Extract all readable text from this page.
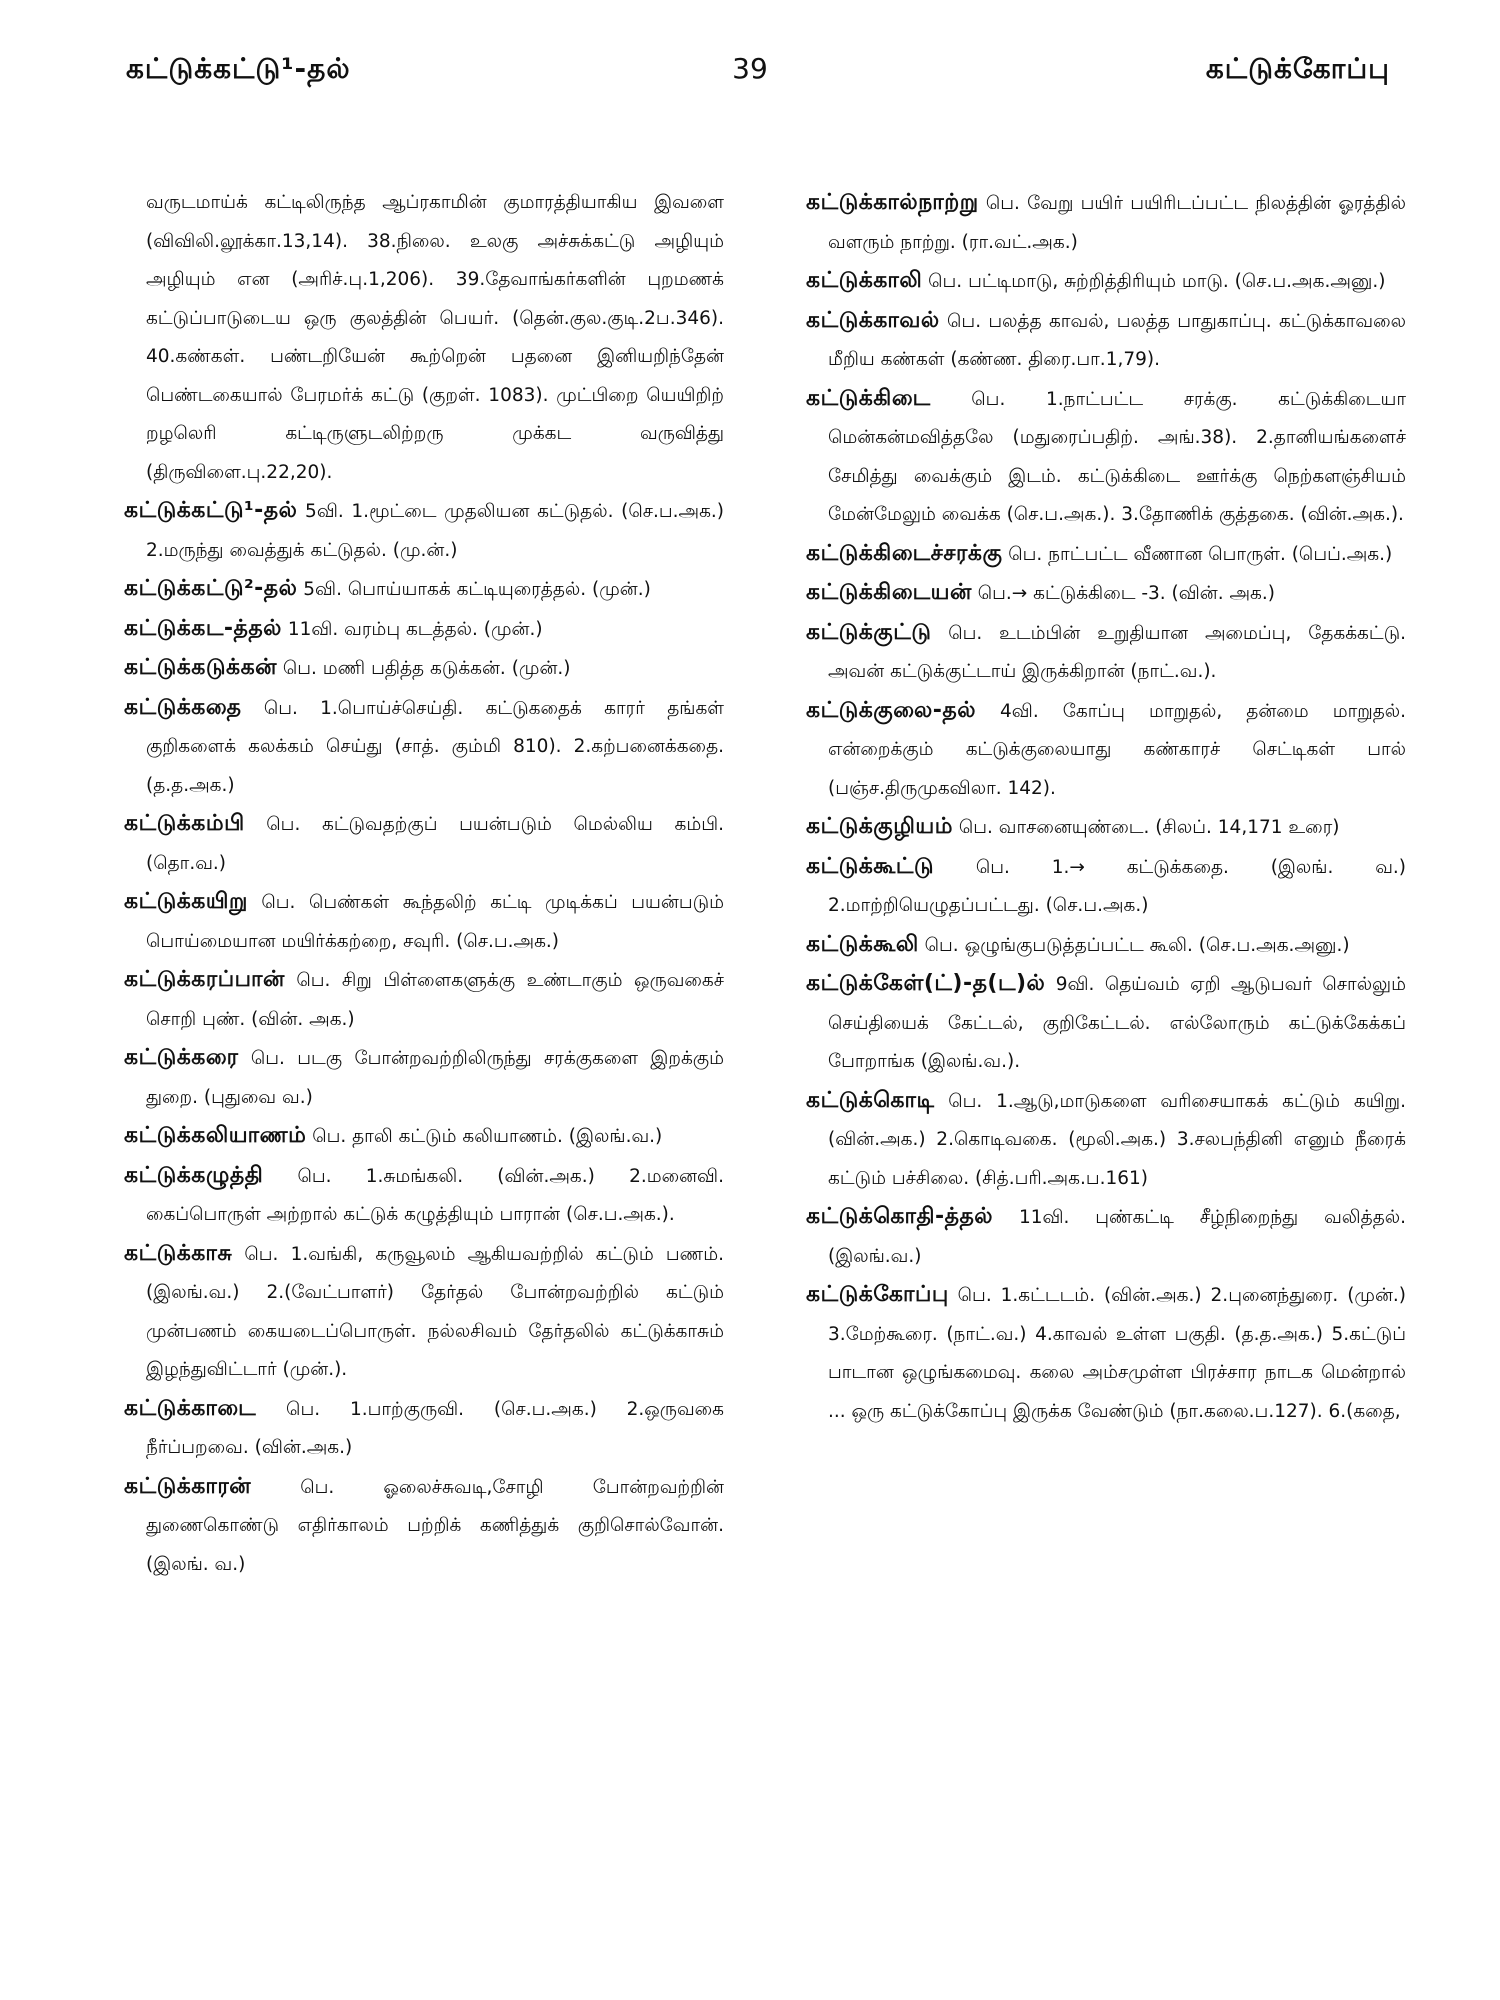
கட்டுக்கட்டு¹-தல்	39	கட்டுக்கோப்பு

வருடமாய்க் கட்டிலிருந்த ஆப்ரகாமின் குமாரத்தியாகிய இவளை (விவிலி.லூக்கா.13,14). 38.நிலை. உலகு அச்சுக்கட்டு அழியும் அழியும் என (அரிச்.பு.1,206). 39.தேவாங்கர்களின் புறமணக் கட்டுப்பாடுடைய ஒரு குலத்தின் பெயர். (தென்.குல.குடி.2ப.346). 40.கண்கள். பண்டறியேன் கூற்றென் பதனை இனியறிந்தேன் பெண்டகையால் பேரமர்க் கட்டு (குறள். 1083). முட்பிறை யெயிறிற் றழலெரி கட்டிருளுடலிற்றரு முக்கட வருவித்து (திருவிளை.பு.22,20).

கட்டுக்கட்டு¹-தல் 5வி. 1.மூட்டை முதலியன கட்டுதல். (செ.ப.அக.) 2.மருந்து வைத்துக் கட்டுதல். (மு.ன்.)

கட்டுக்கட்டு²-தல் 5வி. பொய்யாகக் கட்டியுரைத்தல். (முன்.)

கட்டுக்கட-த்தல் 11வி. வரம்பு கடத்தல். (முன்.)

கட்டுக்கடுக்கன் பெ. மணி பதித்த கடுக்கன். (முன்.)

கட்டுக்கதை பெ. 1.பொய்ச்செய்தி. கட்டுகதைக் காரர் தங்கள் குறிகளைக் கலக்கம் செய்து (சாத். கும்மி 810). 2.கற்பனைக்கதை. (த.த.அக.)

கட்டுக்கம்பி பெ. கட்டுவதற்குப் பயன்படும் மெல்லிய கம்பி. (தொ.வ.)

கட்டுக்கயிறு பெ. பெண்கள் கூந்தலிற் கட்டி முடிக்கப் பயன்படும் பொய்மையான மயிர்க்கற்றை, சவுரி. (செ.ப.அக.)

கட்டுக்கரப்பான் பெ. சிறு பிள்ளைகளுக்கு உண்டாகும் ஒருவகைச் சொறி புண். (வின். அக.)

கட்டுக்கரை பெ. படகு போன்றவற்றிலிருந்து சரக்குகளை இறக்கும் துறை. (புதுவை வ.)

கட்டுக்கலியாணம் பெ. தாலி கட்டும் கலியாணம். (இலங்.வ.)

கட்டுக்கழுத்தி பெ. 1.சுமங்கலி. (வின்.அக.) 2.மனைவி. கைப்பொருள் அற்றால் கட்டுக் கழுத்தியும் பாரான் (செ.ப.அக.).

கட்டுக்காசு பெ. 1.வங்கி, கருவூலம் ஆகியவற்றில் கட்டும் பணம். (இலங்.வ.) 2.(வேட்பாளர்) தேர்தல் போன்றவற்றில் கட்டும் முன்பணம் கையடைப்பொருள். நல்லசிவம் தேர்தலில் கட்டுக்காசும் இழந்துவிட்டார் (முன்.).

கட்டுக்காடை பெ. 1.பாற்குருவி. (செ.ப.அக.) 2.ஒருவகை நீர்ப்பறவை. (வின்.அக.)

கட்டுக்காரன் பெ. ஓலைச்சுவடி,சோழி போன்றவற்றின் துணைகொண்டு எதிர்காலம் பற்றிக் கணித்துக் குறிசொல்வோன். (இலங். வ.)

கட்டுக்கால்நாற்று பெ. வேறு பயிர் பயிரிடப்பட்ட நிலத்தின் ஓரத்தில் வளரும் நாற்று. (ரா.வட்.அக.)

கட்டுக்காலி பெ. பட்டிமாடு, சுற்றித்திரியும் மாடு. (செ.ப.அக.அனு.)

கட்டுக்காவல் பெ. பலத்த காவல், பலத்த பாதுகாப்பு. கட்டுக்காவலை மீறிய கண்கள் (கண்ண. திரை.பா.1,79).

கட்டுக்கிடை பெ. 1.நாட்பட்ட சரக்கு. கட்டுக்கிடையா மென்கன்மவித்தலே (மதுரைப்பதிற். அங்.38). 2.தானியங்களைச் சேமித்து வைக்கும் இடம். கட்டுக்கிடை ஊர்க்கு நெற்களஞ்சியம் மேன்மேலும் வைக்க (செ.ப.அக.). 3.தோணிக் குத்தகை. (வின்.அக.).

கட்டுக்கிடைச்சரக்கு பெ. நாட்பட்ட வீணான பொருள். (பெப்.அக.)

கட்டுக்கிடையன் பெ.→ கட்டுக்கிடை -3. (வின். அக.)

கட்டுக்குட்டு பெ. உடம்பின் உறுதியான அமைப்பு, தேகக்கட்டு. அவன் கட்டுக்குட்டாய் இருக்கிறான் (நாட்.வ.).

கட்டுக்குலை-தல் 4வி. கோப்பு மாறுதல், தன்மை மாறுதல். என்றைக்கும் கட்டுக்குலையாது கண்காரச் செட்டிகள் பால் (பஞ்ச.திருமுகவிலா. 142).

கட்டுக்குழியம் பெ. வாசனையுண்டை. (சிலப். 14,171 உரை)

கட்டுக்கூட்டு பெ. 1.→ கட்டுக்கதை. (இலங். வ.) 2.மாற்றியெழுதப்பட்டது. (செ.ப.அக.)

கட்டுக்கூலி பெ. ஒழுங்குபடுத்தப்பட்ட கூலி. (செ.ப.அக.அனு.)

கட்டுக்கேள்(ட்)-த(ட)ல் 9வி. தெய்வம் ஏறி ஆடுபவர் சொல்லும் செய்தியைக் கேட்டல், குறிகேட்டல். எல்லோரும் கட்டுக்கேக்கப் போறாங்க (இலங்.வ.).

கட்டுக்கொடி பெ. 1.ஆடு,மாடுகளை வரிசையாகக் கட்டும் கயிறு. (வின்.அக.) 2.கொடிவகை. (மூலி.அக.) 3.சலபந்தினி எனும் நீரைக் கட்டும் பச்சிலை. (சித்.பரி.அக.ப.161)

கட்டுக்கொதி-த்தல் 11வி. புண்கட்டி சீழ்நிறைந்து வலித்தல். (இலங்.வ.)

கட்டுக்கோப்பு பெ. 1.கட்டடம். (வின்.அக.) 2.புனைந்துரை. (முன்.) 3.மேற்கூரை. (நாட்.வ.) 4.காவல் உள்ள பகுதி. (த.த.அக.) 5.கட்டுப் பாடான ஒழுங்கமைவு. கலை அம்சமுள்ள பிரச்சார நாடக மென்றால் ... ஒரு கட்டுக்கோப்பு இருக்க வேண்டும் (நா.கலை.ப.127). 6.(கதை,
